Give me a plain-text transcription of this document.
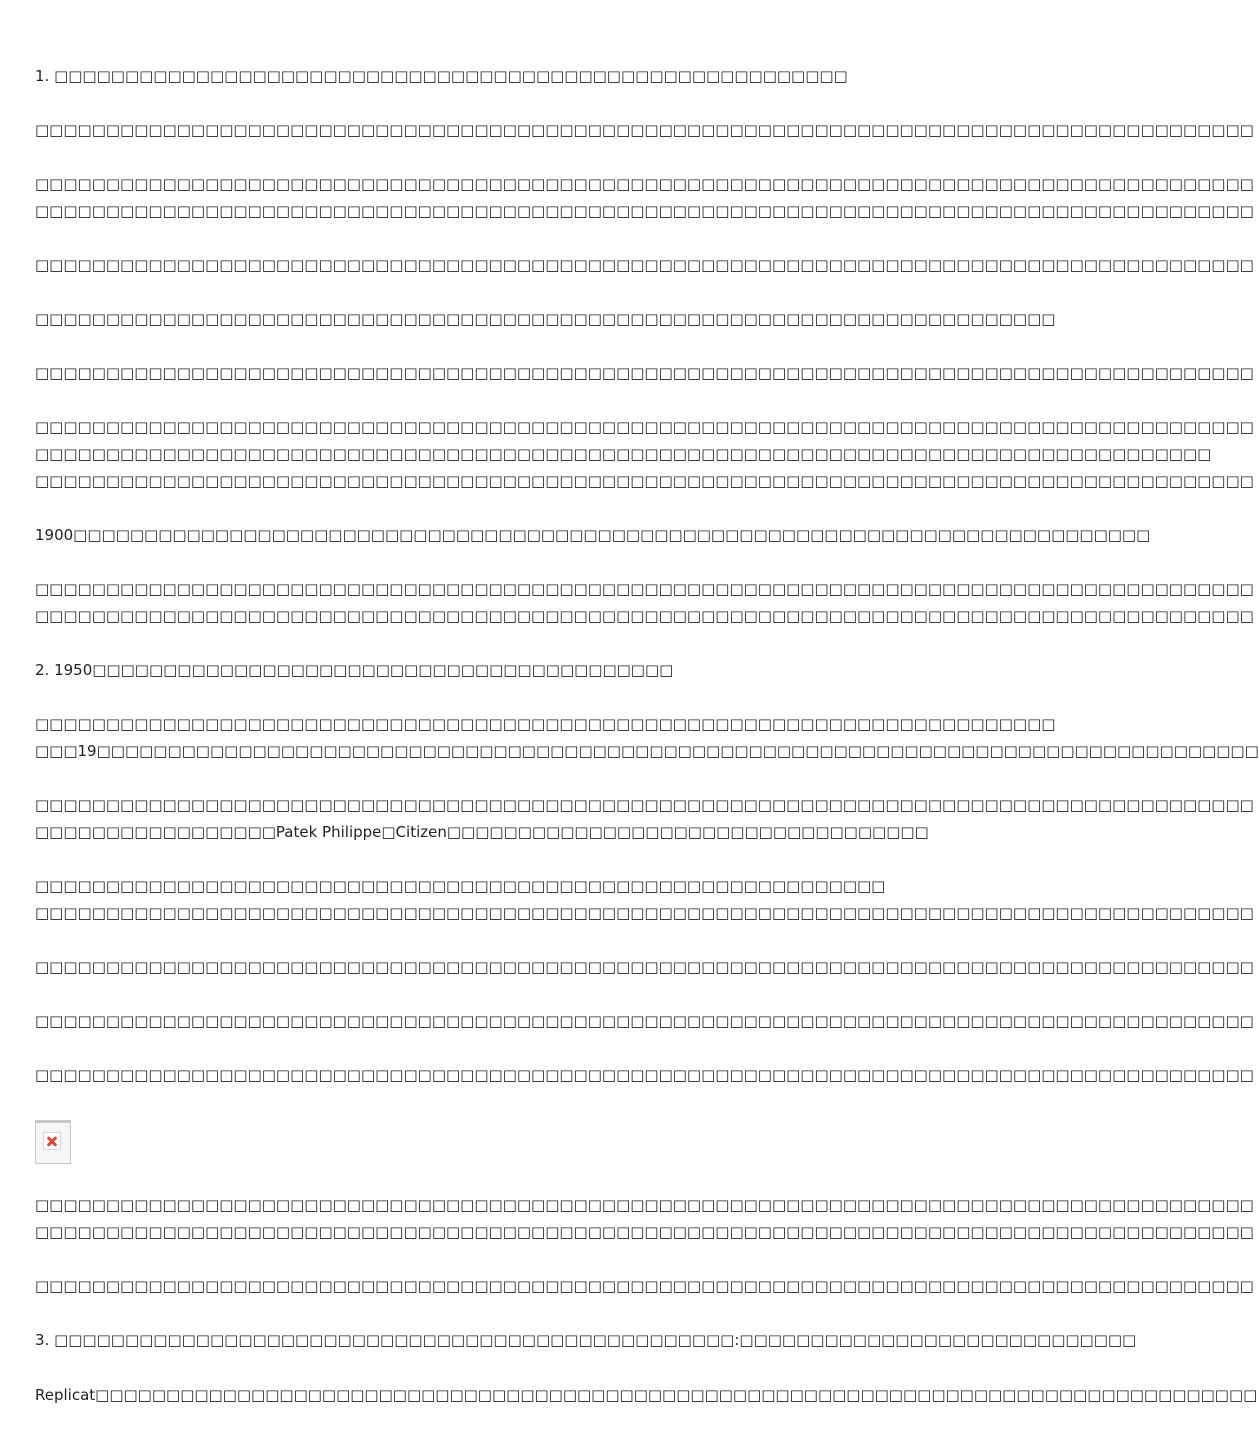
1. □□□□□□□□□□□□□□□□□□□□□□□□□□□□□□□□□□□□□□□□□□□□□□□□□□□□□□□□
□□□□□□□□□□□□□□□□□□□□□□□□□□□□□□□□□□□□□□□□□□□□□□□□□□□□□□□□□□□□□□□□□□□□□□□□□□□□□□□□□□□□□□
□□□□□□□□□□□□□□□□□□□□□□□□□□□□□□□□□□□□□□□□□□□□□□□□□□□□□□□□□□□□□□□□□□□□□□□□□□□□□□□□□□□□□□
□□□□□□□□□□□□□□□□□□□□□□□□□□□□□□□□□□□□□□□□□□□□□□□□□□□□□□□□□□□□□□□□□□□□□□□□□□□□□□□□□□□□□□
□□□□□□□□□□□□□□□□□□□□□□□□□□□□□□□□□□□□□□□□□□□□□□□□□□□□□□□□□□□□□□□□□□□□□□□□□□□□□□□□□□□□□□
□□□□□□□□□□□□□□□□□□□□□□□□□□□□□□□□□□□□□□□□□□□□□□□□□□□□□□□□□□□□□□□□□□□□□□□□
□□□□□□□□□□□□□□□□□□□□□□□□□□□□□□□□□□□□□□□□□□□□□□□□□□□□□□□□□□□□□□□□□□□□□□□□□□□□□□□□□□□□□□
□□□□□□□□□□□□□□□□□□□□□□□□□□□□□□□□□□□□□□□□□□□□□□□□□□□□□□□□□□□□□□□□□□□□□□□□□□□□□□□□□□□□□□
□□□□□□□□□□□□□□□□□□□□□□□□□□□□□□□□□□□□□□□□□□□□□□□□□□□□□□□□□□□□□□□□□□□□□□□□□□□□□□□□□□□
□□□□□□□□□□□□□□□□□□□□□□□□□□□□□□□□□□□□□□□□□□□□□□□□□□□□□□□□□□□□□□□□□□□□□□□□□□□□□□□□□□□□□□
1900□□□□□□□□□□□□□□□□□□□□□□□□□□□□□□□□□□□□□□□□□□□□□□□□□□□□□□□□□□□□□□□□□□□□□□□□□□□□
□□□□□□□□□□□□□□□□□□□□□□□□□□□□□□□□□□□□□□□□□□□□□□□□□□□□□□□□□□□□□□□□□□□□□□□□□□□□□□□□□□□□□□
□□□□□□□□□□□□□□□□□□□□□□□□□□□□□□□□□□□□□□□□□□□□□□□□□□□□□□□□□□□□□□□□□□□□□□□□□□□□□□□□□□□□□□
2. 1950□□□□□□□□□□□□□□□□□□□□□□□□□□□□□□□□□□□□□□□□□
□□□□□□□□□□□□□□□□□□□□□□□□□□□□□□□□□□□□□□□□□□□□□□□□□□□□□□□□□□□□□□□□□□□□□□□□
□□□19□□□□□□□□□□□□□□□□□□□□□□□□□□□□□□□□□□□□□□□□□□□□□□□□□□□□□□□□□□□□□□□□□□□□□□□□□□□□□□□□□□
□□□□□□□□□□□□□□□□□□□□□□□□□□□□□□□□□□□□□□□□□□□□□□□□□□□□□□□□□□□□□□□□□□□□□□□□□□□□□□□□□□□□□□
□□□□□□□□□□□□□□□□□Patek Philippe□Citizen□□□□□□□□□□□□□□□□□□□□□□□□□□□□□□□□□□
□□□□□□□□□□□□□□□□□□□□□□□□□□□□□□□□□□□□□□□□□□□□□□□□□□□□□□□□□□□□
□□□□□□□□□□□□□□□□□□□□□□□□□□□□□□□□□□□□□□□□□□□□□□□□□□□□□□□□□□□□□□□□□□□□□□□□□□□□□□□□□□□□□□
□□□□□□□□□□□□□□□□□□□□□□□□□□□□□□□□□□□□□□□□□□□□□□□□□□□□□□□□□□□□□□□□□□□□□□□□□□□□□□□□□□□□□□
□□□□□□□□□□□□□□□□□□□□□□□□□□□□□□□□□□□□□□□□□□□□□□□□□□□□□□□□□□□□□□□□□□□□□□□□□□□□□□□□□□□□□□
□□□□□□□□□□□□□□□□□□□□□□□□□□□□□□□□□□□□□□□□□□□□□□□□□□□□□□□□□□□□□□□□□□□□□□□□□□□□□□□□□□□□□□
□□□□□□□□□□□□□□□□□□□□□□□□□□□□□□□□□□□□□□□□□□□□□□□□□□□□□□□□□□□□□□□□□□□□□□□□□□□□□□□□□□□□□□
□□□□□□□□□□□□□□□□□□□□□□□□□□□□□□□□□□□□□□□□□□□□□□□□□□□□□□□□□□□□□□□□□□□□□□□□□□□□□□□□□□□□□□
□□□□□□□□□□□□□□□□□□□□□□□□□□□□□□□□□□□□□□□□□□□□□□□□□□□□□□□□□□□□□□□□□□□□□□□□□□□□□□□□□□□□□□
3. □□□□□□□□□□□□□□□□□□□□□□□□□□□□□□□□□□□□□□□□□□□□□□□□:□□□□□□□□□□□□□□□□□□□□□□□□□□□□
Replicat□□□□□□□□□□□□□□□□□□□□□□□□□□□□□□□□□□□□□□□□□□□□□□□□□□□□□□□□□□□□□□□□□□□□□□□□□□□□□□□□□□
